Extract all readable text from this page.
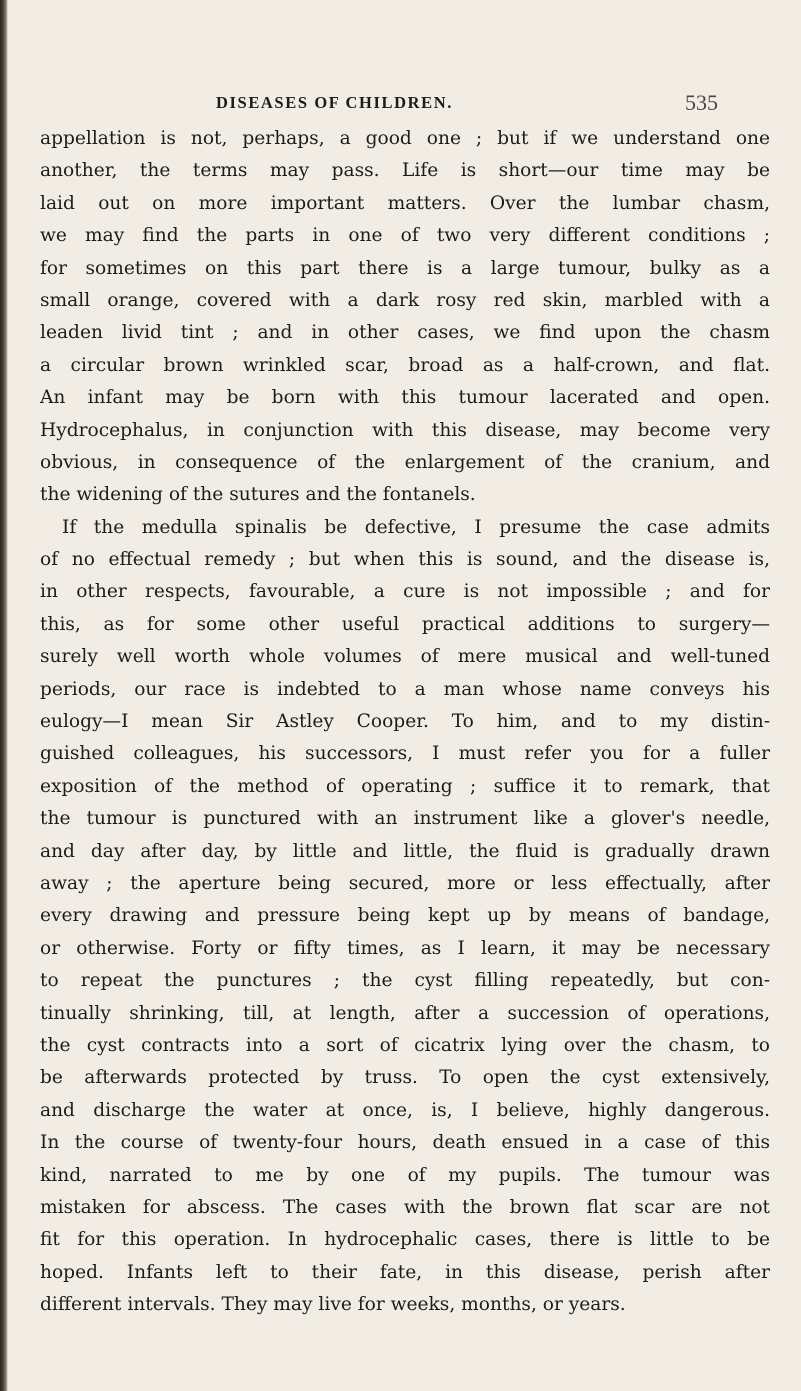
DISEASES OF CHILDREN.	535
appellation is not, perhaps, a good one ; but if we understand one
another, the terms may pass. Life is short—our time may be
laid out on more important matters. Over the lumbar chasm,
we may find the parts in one of two very different conditions ;
for sometimes on this part there is a large tumour, bulky as a
small orange, covered with a dark rosy red skin, marbled with a
leaden livid tint ; and in other cases, we find upon the chasm
a circular brown wrinkled scar, broad as a half-crown, and flat.
An infant may be born with this tumour lacerated and open.
Hydrocephalus, in conjunction with this disease, may become very
obvious, in consequence of the enlargement of the cranium, and
the widening of the sutures and the fontanels.
If the medulla spinalis be defective, I presume the case admits
of no effectual remedy ; but when this is sound, and the disease is,
in other respects, favourable, a cure is not impossible ; and for
this, as for some other useful practical additions to surgery—
surely well worth whole volumes of mere musical and well-tuned
periods, our race is indebted to a man whose name conveys his
eulogy—I mean Sir Astley Cooper. To him, and to my distin-
guished colleagues, his successors, I must refer you for a fuller
exposition of the method of operating ; suffice it to remark, that
the tumour is punctured with an instrument like a glover's needle,
and day after day, by little and little, the fluid is gradually drawn
away ; the aperture being secured, more or less effectually, after
every drawing and pressure being kept up by means of bandage,
or otherwise. Forty or fifty times, as I learn, it may be necessary
to repeat the punctures ; the cyst filling repeatedly, but con-
tinually shrinking, till, at length, after a succession of operations,
the cyst contracts into a sort of cicatrix lying over the chasm, to
be afterwards protected by truss. To open the cyst extensively,
and discharge the water at once, is, I believe, highly dangerous.
In the course of twenty-four hours, death ensued in a case of this
kind, narrated to me by one of my pupils. The tumour was
mistaken for abscess. The cases with the brown flat scar are not
fit for this operation. In hydrocephalic cases, there is little to be
hoped. Infants left to their fate, in this disease, perish after
different intervals. They may live for weeks, months, or years.
